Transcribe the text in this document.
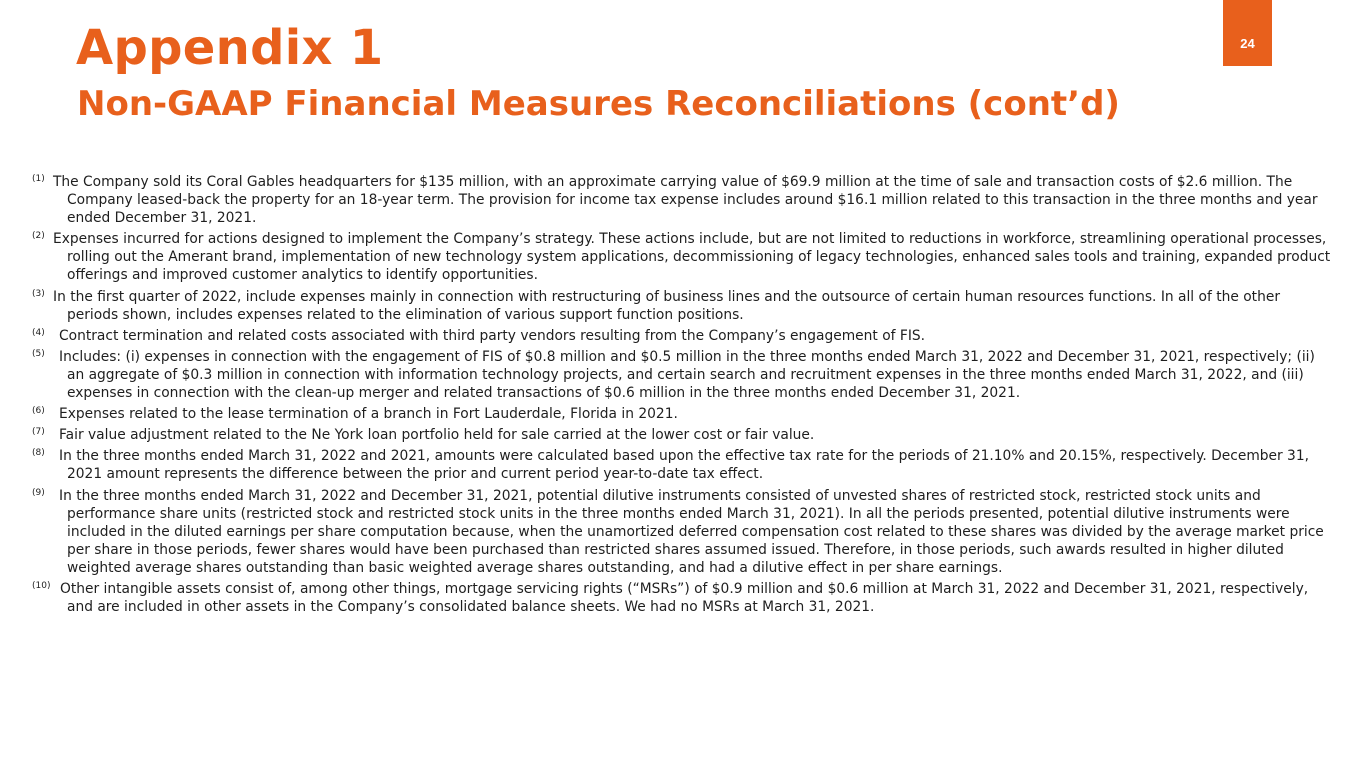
Appendix 1
Non-GAAP Financial Measures Reconciliations (cont’d)
24

(1) The Company sold its Coral Gables headquarters for $135 million, with an approximate carrying value of $69.9 million at the time of sale and transaction costs of $2.6 million. The Company leased-back the property for an 18-year term. The provision for income tax expense includes around $16.1 million related to this transaction in the three months and year ended December 31, 2021.

(2) Expenses incurred for actions designed to implement the Company’s strategy. These actions include, but are not limited to reductions in workforce, streamlining operational processes, rolling out the Amerant brand, implementation of new technology system applications, decommissioning of legacy technologies, enhanced sales tools and training, expanded product offerings and improved customer analytics to identify opportunities.

(3) In the first quarter of 2022, include expenses mainly in connection with restructuring of business lines and the outsource of certain human resources functions. In all of the other periods shown, includes expenses related to the elimination of various support function positions.

(4) Contract termination and related costs associated with third party vendors resulting from the Company’s engagement of FIS.

(5) Includes: (i) expenses in connection with the engagement of FIS of $0.8 million and $0.5 million in the three months ended March 31, 2022 and December 31, 2021, respectively; (ii) an aggregate of $0.3 million in connection with information technology projects, and certain search and recruitment expenses in the three months ended March 31, 2022, and (iii) expenses in connection with the clean-up merger and related transactions of $0.6 million in the three months ended December 31, 2021.

(6) Expenses related to the lease termination of a branch in Fort Lauderdale, Florida in 2021.

(7) Fair value adjustment related to the Ne York loan portfolio held for sale carried at the lower cost or fair value.

(8) In the three months ended March 31, 2022 and 2021, amounts were calculated based upon the effective tax rate for the periods of 21.10% and 20.15%, respectively. December 31, 2021 amount represents the difference between the prior and current period year-to-date tax effect.

(9) In the three months ended March 31, 2022 and December 31, 2021, potential dilutive instruments consisted of unvested shares of restricted stock, restricted stock units and performance share units (restricted stock and restricted stock units in the three months ended March 31, 2021). In all the periods presented, potential dilutive instruments were included in the diluted earnings per share computation because, when the unamortized deferred compensation cost related to these shares was divided by the average market price per share in those periods, fewer shares would have been purchased than restricted shares assumed issued. Therefore, in those periods, such awards resulted in higher diluted weighted average shares outstanding than basic weighted average shares outstanding, and had a dilutive effect in per share earnings.

(10) Other intangible assets consist of, among other things, mortgage servicing rights (“MSRs”) of $0.9 million and $0.6 million at March 31, 2022 and December 31, 2021, respectively, and are included in other assets in the Company’s consolidated balance sheets. We had no MSRs at March 31, 2021.
